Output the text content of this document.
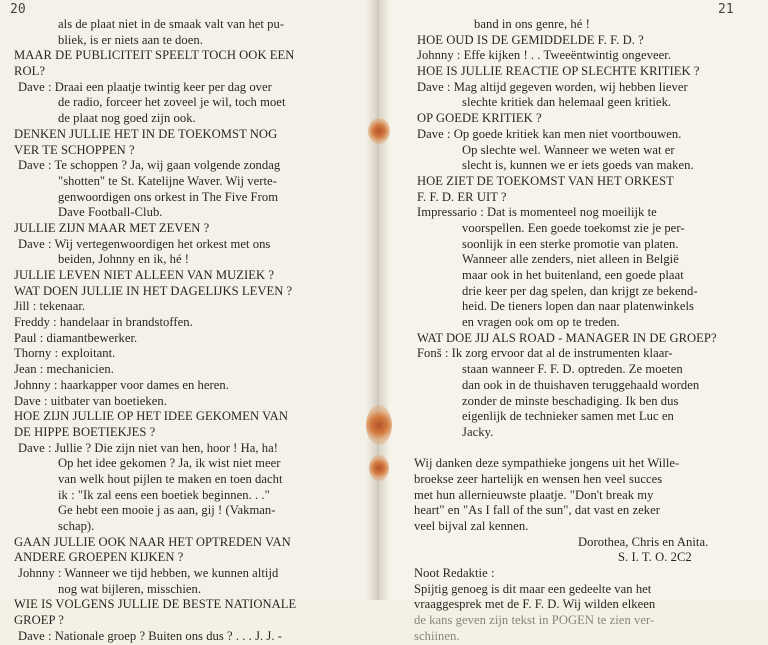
20
als de plaat niet in de smaak valt van het pu-
bliek, is er niets aan te doen.
MAAR DE PUBLICITEIT SPEELT TOCH OOK EEN
ROL?
Dave : Draai een plaatje twintig keer per dag over
de radio, forceer het zoveel je wil, toch moet
de plaat nog goed zijn ook.
DENKEN JULLIE HET IN DE TOEKOMST NOG
VER TE SCHOPPEN ?
Dave : Te schoppen ? Ja, wij gaan volgende zondag
"shotten" te St. Katelijne Waver. Wij verte-
genwoordigen ons orkest in The Five From
Dave Football-Club.
JULLIE ZIJN MAAR MET ZEVEN ?
Dave : Wij vertegenwoordigen het orkest met ons
beiden, Johnny en ik, hé !
JULLIE LEVEN NIET ALLEEN VAN MUZIEK ?
WAT DOEN JULLIE IN HET DAGELIJKS LEVEN ?
Jill : tekenaar.
Freddy : handelaar in brandstoffen.
Paul : diamantbewerker.
Thorny : exploitant.
Jean : mechanicien.
Johnny : haarkapper voor dames en heren.
Dave : uitbater van boetieken.
HOE ZIJN JULLIE OP HET IDEE GEKOMEN VAN
DE HIPPE BOETIEKJES ?
Dave : Jullie ? Die zijn niet van hen, hoor ! Ha, ha!
Op het idee gekomen ? Ja, ik wist niet meer
van welk hout pijlen te maken en toen dacht
ik : "Ik zal eens een boetiek beginnen. . ."
Ge hebt een mooie j as aan, gij ! (Vakman-
schap).
GAAN JULLIE OOK NAAR HET OPTREDEN VAN
ANDERE GROEPEN KIJKEN ?
Johnny : Wanneer we tijd hebben, we kunnen altijd
nog wat bijleren, misschien.
WIE IS VOLGENS JULLIE DE BESTE NATIONALE
GROEP ?
Dave : Nationale groep ? Buiten ons dus ? . . . J. J. -
21
band in ons genre, hé !
HOE OUD IS DE GEMIDDELDE F. F. D. ?
Johnny : Effe kijken ! . . Tweeëntwintig ongeveer.
HOE IS JULLIE REACTIE OP SLECHTE KRITIEK ?
Dave : Mag altijd gegeven worden, wij hebben liever
slechte kritiek dan helemaal geen kritiek.
OP GOEDE KRITIEK ?
Dave : Op goede kritiek kan men niet voortbouwen.
Op slechte wel. Wanneer we weten wat er
slecht is, kunnen we er iets goeds van maken.
HOE ZIET DE TOEKOMST VAN HET ORKEST
F. F. D. ER UIT ?
Impressario : Dat is momenteel nog moeilijk te
voorspellen. Een goede toekomst zie je per-
soonlijk in een sterke promotie van platen.
Wanneer alle zenders, niet alleen in België
maar ook in het buitenland, een goede plaat
drie keer per dag spelen, dan krijgt ze bekend-
heid. De tieners lopen dan naar platenwinkels
en vragen ook om op te treden.
WAT DOE JIJ ALS ROAD - MANAGER IN DE GROEP?
Fonš : Ik zorg ervoor dat al de instrumenten klaar-
staan wanneer F. F. D. optreden. Ze moeten
dan ook in de thuishaven teruggehaald worden
zonder de minste beschadiging. Ik ben dus
eigenlijk de technieker samen met Luc en
Jacky.
Wij danken deze sympathieke jongens uit het Wille-
broekse zeer hartelijk en wensen hen veel succes
met hun allernieuwste plaatje. "Don't break my
heart" en "As I fall of the sun", dat vast en zeker
veel bijval zal kennen.
Dorothea, Chris en Anita.
S. I. T. O. 2C2
Noot Redaktie :
Spijtig genoeg is dit maar een gedeelte van het
vraaggesprek met de F. F. D. Wij wilden elkeen
de kans geven zijn tekst in POGEN te zien ver-
schiinen.
